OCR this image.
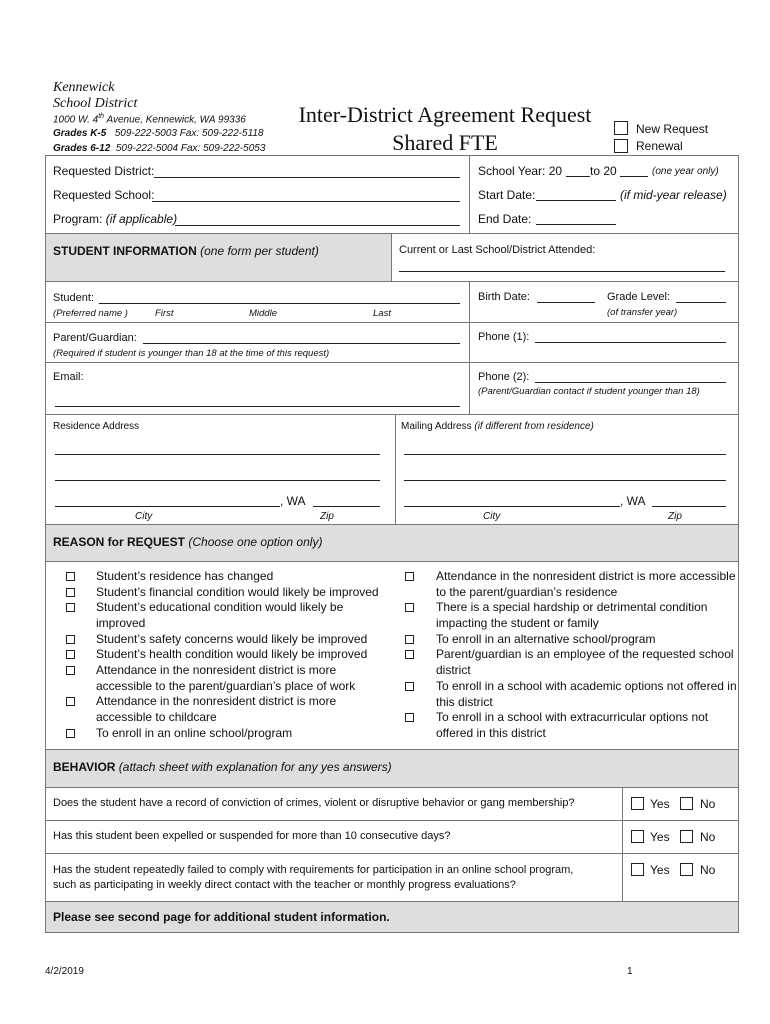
Kennewick
School District
1000 W. 4th Avenue, Kennewick, WA 99336
Grades K-5 509-222-5003 Fax: 509-222-5118
Grades 6-12 509-222-5004 Fax: 509-222-5053
Inter-District Agreement Request
Shared FTE
New Request
Renewal
Requested District:
Requested School:
Program: (if applicable)
School Year: 20 to 20	(one year only)
Start Date:	(if mid-year release)
End Date:
STUDENT INFORMATION (one form per student)	Current or Last School/District Attended:
Student:
(Preferred name )	First	Middle	Last
Birth Date:	Grade Level:
(of transfer year)
Parent/Guardian:
(Required if student is younger than 18 at the time of this request)
Phone (1):
Email:	Phone (2):
(Parent/Guardian contact if student younger than 18)
Residence Address
, WA
City	Zip
Mailing Address (if different from residence)
, WA
City	Zip
REASON for REQUEST (Choose one option only)
Student’s residence has changed
Student’s financial condition would likely be improved
Student’s educational condition would likely be
improved
Student’s safety concerns would likely be improved
Student’s health condition would likely be improved
Attendance in the nonresident district is more
accessible to the parent/guardian’s place of work
Attendance in the nonresident district is more
accessible to childcare
To enroll in an online school/program
Attendance in the nonresident district is more accessible
to the parent/guardian’s residence
There is a special hardship or detrimental condition
impacting the student or family
To enroll in an alternative school/program
Parent/guardian is an employee of the requested school
district
To enroll in a school with academic options not offered in
this district
To enroll in a school with extracurricular options not
offered in this district
BEHAVIOR (attach sheet with explanation for any yes answers)
Does the student have a record of conviction of crimes, violent or disruptive behavior or gang membership?	Yes	No
Has this student been expelled or suspended for more than 10 consecutive days?	Yes	No
Has the student repeatedly failed to comply with requirements for participation in an online school program,
such as participating in weekly direct contact with the teacher or monthly progress evaluations?
Yes	No
Please see second page for additional student information.
4/2/2019	1
